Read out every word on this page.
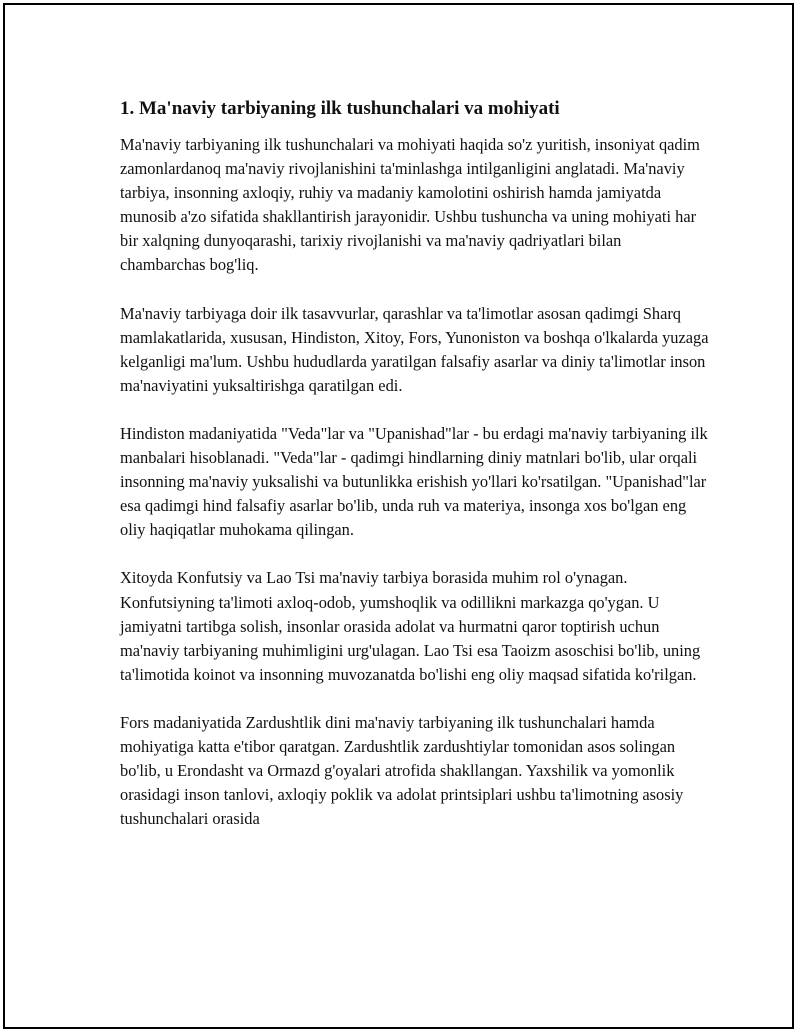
1. Ma'naviy tarbiyaning ilk tushunchalari va mohiyati

Ma'naviy tarbiyaning ilk tushunchalari va mohiyati haqida so'z yuritish, insoniyat qadim zamonlardanoq ma'naviy rivojlanishini ta'minlashga intilganligini anglatadi. Ma'naviy tarbiya, insonning axloqiy, ruhiy va madaniy kamolotini oshirish hamda jamiyatda munosib a'zo sifatida shakllantirish jarayonidir. Ushbu tushuncha va uning mohiyati har bir xalqning dunyoqarashi, tarixiy rivojlanishi va ma'naviy qadriyatlari bilan chambarchas bog'liq.

Ma'naviy tarbiyaga doir ilk tasavvurlar, qarashlar va ta'limotlar asosan qadimgi Sharq mamlakatlarida, xususan, Hindiston, Xitoy, Fors, Yunoniston va boshqa o'lkalarda yuzaga kelganligi ma'lum. Ushbu hududlarda yaratilgan falsafiy asarlar va diniy ta'limotlar inson ma'naviyatini yuksaltirishga qaratilgan edi.

Hindiston madaniyatida "Veda"lar va "Upanishad"lar - bu erdagi ma'naviy tarbiyaning ilk manbalari hisoblanadi. "Veda"lar - qadimgi hindlarning diniy matnlari bo'lib, ular orqali insonning ma'naviy yuksalishi va butunlikka erishish yo'llari ko'rsatilgan. "Upanishad"lar esa qadimgi hind falsafiy asarlar bo'lib, unda ruh va materiya, insonga xos bo'lgan eng oliy haqiqatlar muhokama qilingan.

Xitoyda Konfutsiy va Lao Tsi ma'naviy tarbiya borasida muhim rol o'ynagan. Konfutsiyning ta'limoti axloq-odob, yumshoqlik va odillikni markazga qo'ygan. U jamiyatni tartibga solish, insonlar orasida adolat va hurmatni qaror toptirish uchun ma'naviy tarbiyaning muhimligini urg'ulagan. Lao Tsi esa Taoizm asoschisi bo'lib, uning ta'limotida koinot va insonning muvozanatda bo'lishi eng oliy maqsad sifatida ko'rilgan.

Fors madaniyatida Zardushtlik dini ma'naviy tarbiyaning ilk tushunchalari hamda mohiyatiga katta e'tibor qaratgan. Zardushtlik zardushtiylar tomonidan asos solingan bo'lib, u Erondasht va Ormazd g'oyalari atrofida shakllangan. Yaxshilik va yomonlik orasidagi inson tanlovi, axloqiy poklik va adolat printsiplari ushbu ta'limotning asosiy tushunchalari orasida
